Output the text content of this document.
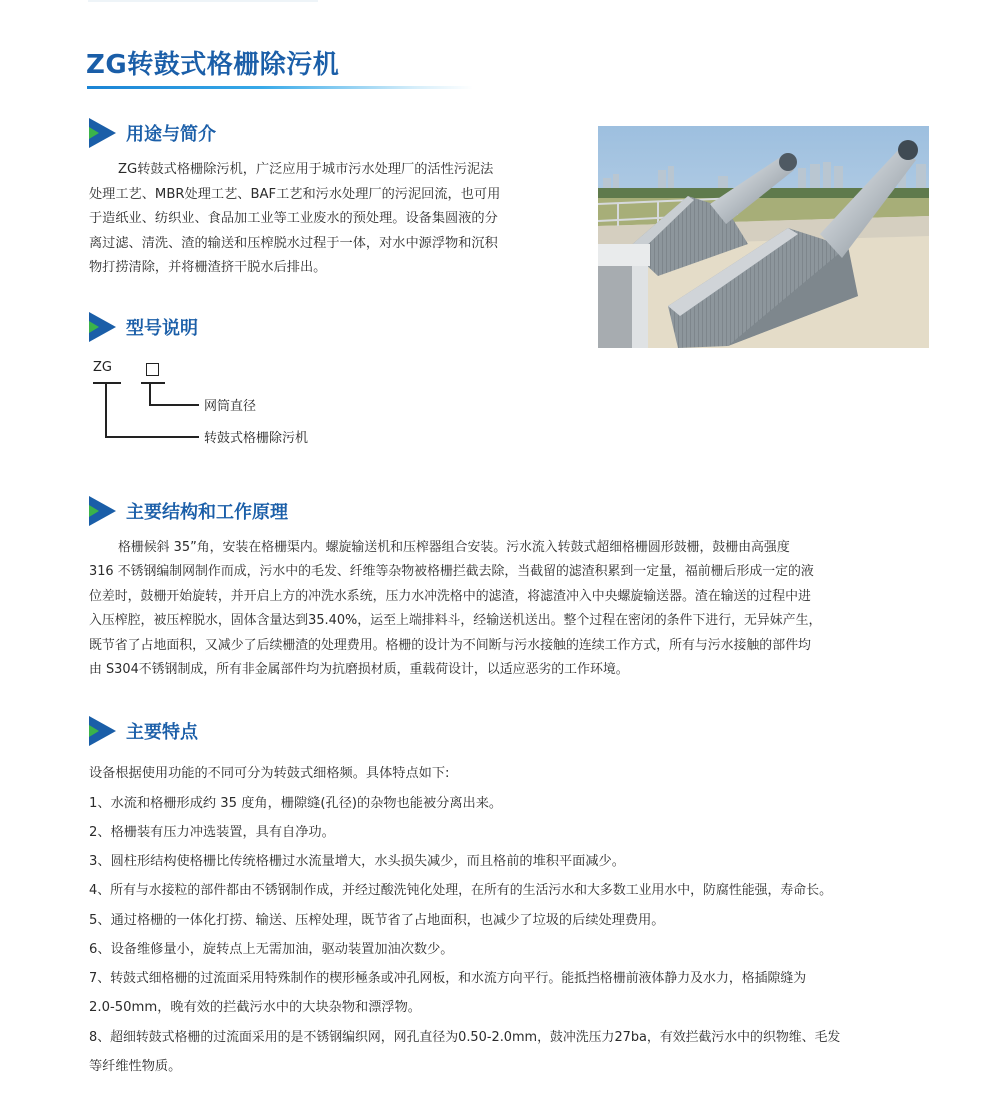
ZG转鼓式格栅除污机
用途与简介

ZG转鼓式格栅除污机，广泛应用于城市污水处理厂的活性污泥法

处理工艺、MBR处理工艺、BAF工艺和污水处理厂的污泥回流，也可用

于造纸业、纺织业、食品加工业等工业废水的预处理。设备集圆液的分

离过滤、清洗、渣的输送和压榨脱水过程于一体，对水中源浮物和沉积

物打捞清除，并将栅渣挤干脱水后排出。

型号说明
ZG
网筒直径
转鼓式格栅除污机
主要结构和工作原理

格栅候斜 35”角，安装在格栅渠内。螺旋输送机和压榨器组合安装。污水流入转鼓式超细格栅圆形鼓栅，鼓栅由高强度

316 不锈钢编制网制作而成，污水中的毛发、纤维等杂物被格栅拦截去除，当截留的滤渣积累到一定量，福前栅后形成一定的液

位差时，鼓栅开始旋转，并开启上方的冲洗水系统，压力水冲洗格中的滤渣，将滤渣冲入中央螺旋输送器。渣在输送的过程中进

入压榨腔，被压榨脱水，固体含量达到35.40%，运至上端排料斗，经输送机送出。整个过程在密闭的条件下进行，无异妹产生，

既节省了占地面积，又减少了后续栅渣的处理费用。格栅的设计为不间断与污水接触的连续工作方式，所有与污水接触的部件均

由 S304不锈钢制成，所有非金属部件均为抗磨损材质，重载荷设计，以适应恶劣的工作环境。

主要特点
设备根据使用功能的不同可分为转鼓式细格频。具体特点如下:
1、水流和格栅形成约 35 度角，栅隙缝(孔径)的杂物也能被分离出来。
2、格栅装有压力冲选装置，具有自净功。
3、圆柱形结构使格栅比传统格栅过水流量增大，水头损失减少，而且格前的堆积平面减少。
4、所有与水接粒的部件都由不锈钢制作成，并经过酸洗钝化处理，在所有的生活污水和大多数工业用水中，防腐性能强，寿命长。
5、通过格栅的一体化打捞、输送、压榨处理，既节省了占地面积，也减少了垃圾的后续处理费用。
6、设备维修量小，旋转点上无需加油，驱动装置加油次数少。
7、转鼓式细格栅的过流面采用特殊制作的楔形極条或冲孔网板，和水流方向平行。能抵挡格栅前液体静力及水力，格插隙缝为
2.0-50mm，晚有效的拦截污水中的大块杂物和漂浮物。
8、超细转鼓式格栅的过流面采用的是不锈钢编织网，网孔直径为0.50-2.0mm，鼓冲洗压力27ba，有效拦截污水中的织物维、毛发
等纤维性物质。
